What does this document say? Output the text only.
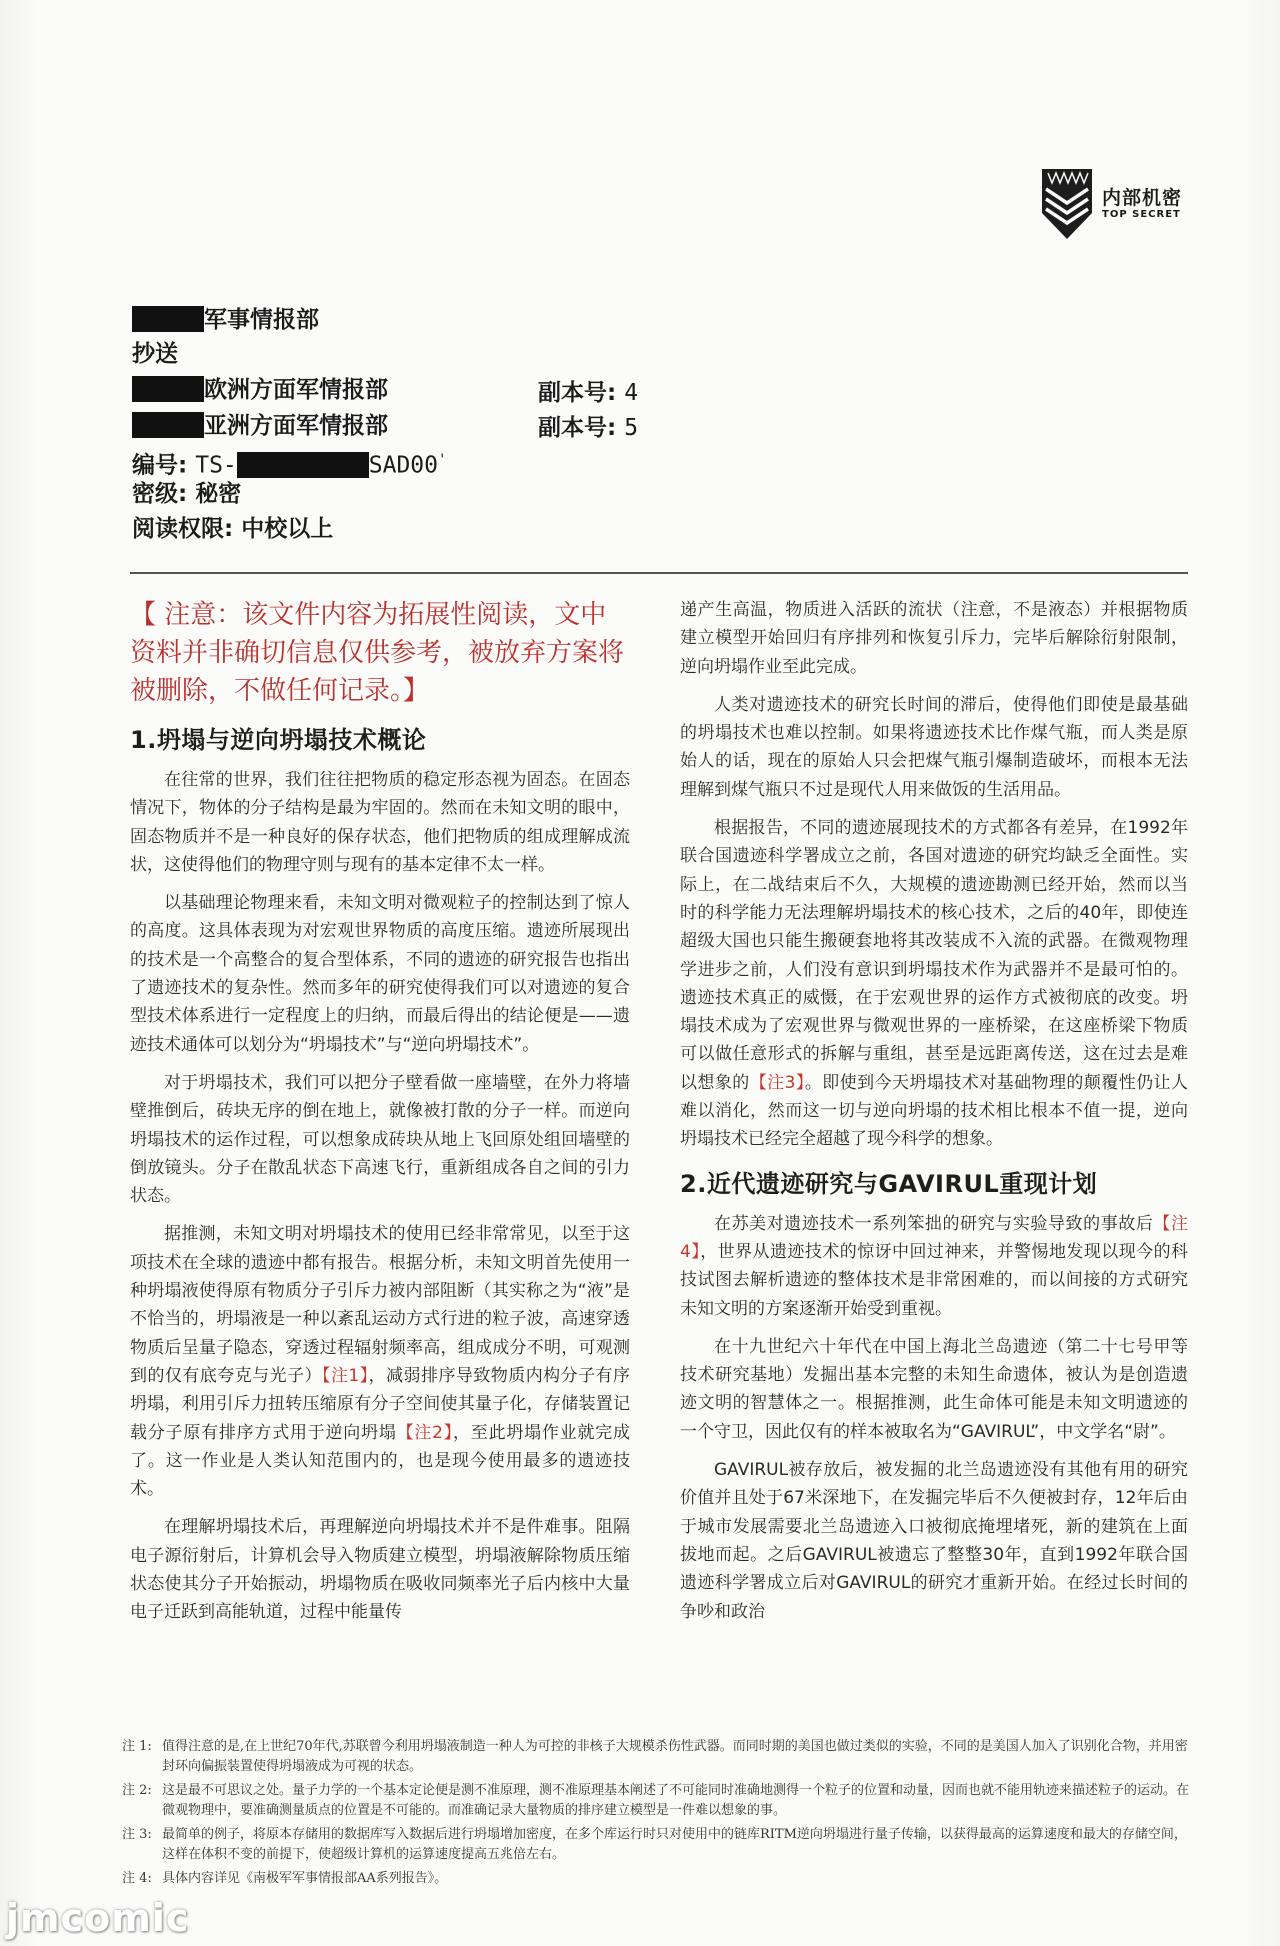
内部机密
TOP SECRET
军事情报部
抄送
欧洲方面军情报部	副本号: 4
亚洲方面军情报部	副本号: 5
编号: TS-	SAD00'
密级: 秘密
阅读权限: 中校以上
【 注意：该文件内容为拓展性阅读，文中资料并非确切信息仅供参考，被放弃方案将被删除，不做任何记录。】
1.坍塌与逆向坍塌技术概论

在往常的世界，我们往往把物质的稳定形态视为固态。在固态情况下，物体的分子结构是最为牢固的。然而在未知文明的眼中，固态物质并不是一种良好的保存状态，他们把物质的组成理解成流状，这使得他们的物理守则与现有的基本定律不太一样。

以基础理论物理来看，未知文明对微观粒子的控制达到了惊人的高度。这具体表现为对宏观世界物质的高度压缩。遗迹所展现出的技术是一个高整合的复合型体系，不同的遗迹的研究报告也指出了遗迹技术的复杂性。然而多年的研究使得我们可以对遗迹的复合型技术体系进行一定程度上的归纳，而最后得出的结论便是——遗迹技术通体可以划分为“坍塌技术”与“逆向坍塌技术”。

对于坍塌技术，我们可以把分子壁看做一座墙壁，在外力将墙壁推倒后，砖块无序的倒在地上，就像被打散的分子一样。而逆向坍塌技术的运作过程，可以想象成砖块从地上飞回原处组回墙壁的倒放镜头。分子在散乱状态下高速飞行，重新组成各自之间的引力状态。

据推测，未知文明对坍塌技术的使用已经非常常见，以至于这项技术在全球的遗迹中都有报告。根据分析，未知文明首先使用一种坍塌液使得原有物质分子引斥力被内部阻断（其实称之为“液”是不恰当的，坍塌液是一种以紊乱运动方式行进的粒子波，高速穿透物质后呈量子隐态，穿透过程辐射频率高，组成成分不明，可观测到的仅有底夸克与光子）【注1】，减弱排序导致物质内构分子有序坍塌，利用引斥力扭转压缩原有分子空间使其量子化，存储装置记载分子原有排序方式用于逆向坍塌【注2】，至此坍塌作业就完成了。这一作业是人类认知范围内的，也是现今使用最多的遗迹技术。

在理解坍塌技术后，再理解逆向坍塌技术并不是件难事。阻隔电子源衍射后，计算机会导入物质建立模型，坍塌液解除物质压缩状态使其分子开始振动，坍塌物质在吸收同频率光子后内核中大量电子迁跃到高能轨道，过程中能量传

递产生高温，物质进入活跃的流状（注意，不是液态）并根据物质建立模型开始回归有序排列和恢复引斥力，完毕后解除衍射限制，逆向坍塌作业至此完成。

人类对遗迹技术的研究长时间的滞后，使得他们即使是最基础的坍塌技术也难以控制。如果将遗迹技术比作煤气瓶，而人类是原始人的话，现在的原始人只会把煤气瓶引爆制造破坏，而根本无法理解到煤气瓶只不过是现代人用来做饭的生活用品。

根据报告，不同的遗迹展现技术的方式都各有差异，在1992年联合国遗迹科学署成立之前，各国对遗迹的研究均缺乏全面性。实际上，在二战结束后不久，大规模的遗迹勘测已经开始，然而以当时的科学能力无法理解坍塌技术的核心技术，之后的40年，即使连超级大国也只能生搬硬套地将其改装成不入流的武器。在微观物理学进步之前，人们没有意识到坍塌技术作为武器并不是最可怕的。遗迹技术真正的威慑，在于宏观世界的运作方式被彻底的改变。坍塌技术成为了宏观世界与微观世界的一座桥梁，在这座桥梁下物质可以做任意形式的拆解与重组，甚至是远距离传送，这在过去是难以想象的【注3】。即使到今天坍塌技术对基础物理的颠覆性仍让人难以消化，然而这一切与逆向坍塌的技术相比根本不值一提，逆向坍塌技术已经完全超越了现今科学的想象。

2.近代遗迹研究与GAVIRUL重现计划

在苏美对遗迹技术一系列笨拙的研究与实验导致的事故后【注4】，世界从遗迹技术的惊讶中回过神来，并警惕地发现以现今的科技试图去解析遗迹的整体技术是非常困难的，而以间接的方式研究未知文明的方案逐渐开始受到重视。

在十九世纪六十年代在中国上海北兰岛遗迹（第二十七号甲等技术研究基地）发掘出基本完整的未知生命遗体，被认为是创造遗迹文明的智慧体之一。根据推测，此生命体可能是未知文明遗迹的一个守卫，因此仅有的样本被取名为“GAVIRUL”，中文学名“尉”。

GAVIRUL被存放后，被发掘的北兰岛遗迹没有其他有用的研究价值并且处于67米深地下，在发掘完毕后不久便被封存，12年后由于城市发展需要北兰岛遗迹入口被彻底掩埋堵死，新的建筑在上面拔地而起。之后GAVIRUL被遗忘了整整30年，直到1992年联合国遗迹科学署成立后对GAVIRUL的研究才重新开始。在经过长时间的争吵和政治

注 1: 值得注意的是,在上世纪70年代,苏联曾今利用坍塌液制造一种人为可控的非核子大规模杀伤性武器。而同时期的美国也做过类似的实验，不同的是美国人加入了识别化合物，并用密封环向偏振装置使得坍塌液成为可视的状态。
注 2: 这是最不可思议之处。量子力学的一个基本定论便是测不准原理，测不准原理基本阐述了不可能同时准确地测得一个粒子的位置和动量，因而也就不能用轨迹来描述粒子的运动。在微观物理中，要准确测量质点的位置是不可能的。而准确记录大量物质的排序建立模型是一件难以想象的事。
注 3: 最简单的例子，将原本存储用的数据库写入数据后进行坍塌增加密度，在多个库运行时只对使用中的链库RITM逆向坍塌进行量子传输，以获得最高的运算速度和最大的存储空间，这样在体积不变的前提下，使超级计算机的运算速度提高五兆倍左右。
注 4: 具体内容详见《南极军军事情报部AA系列报告》。
jmcomic
